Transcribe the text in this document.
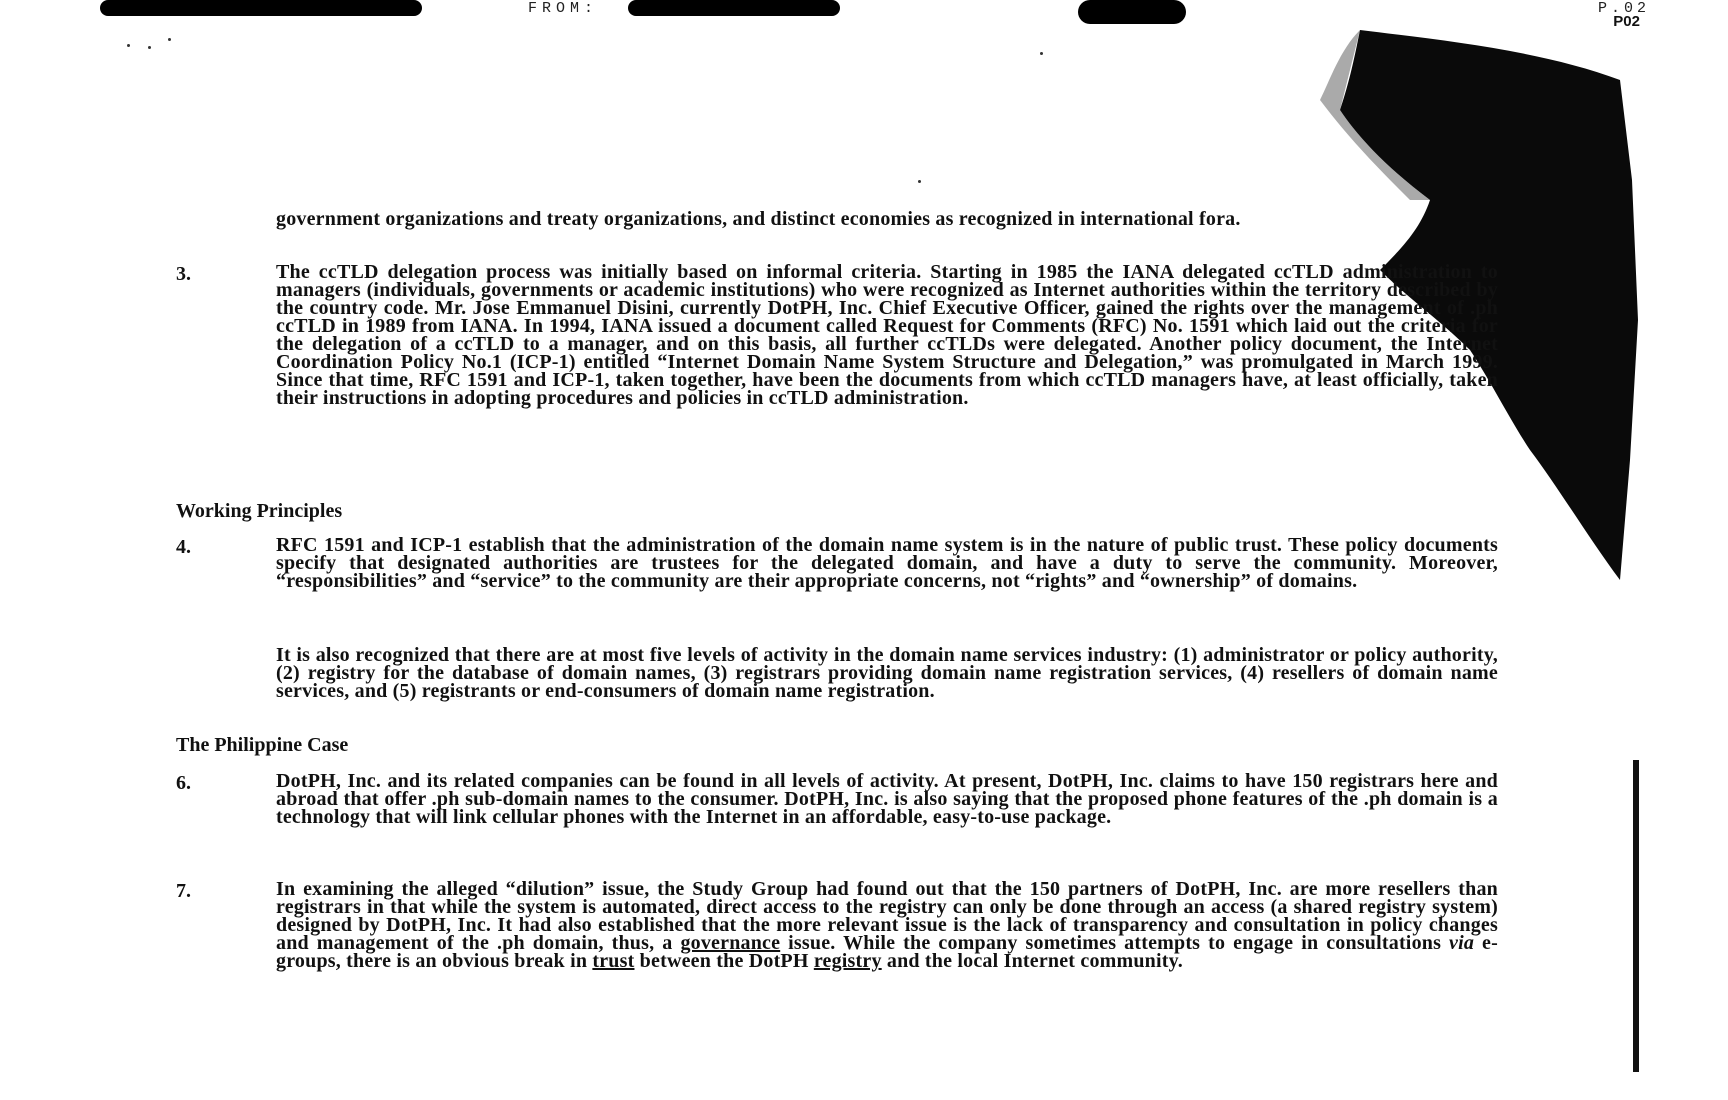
FROM:	P.02
P02
government organizations and treaty organizations, and distinct economies as recognized in international fora.
3.	The ccTLD delegation process was initially based on informal criteria. Starting in 1985 the IANA delegated ccTLD administration to managers (individuals, governments or academic institutions) who were recognized as Internet authorities within the territory described by the country code. Mr. Jose Emmanuel Disini, currently DotPH, Inc. Chief Executive Officer, gained the rights over the management of .ph ccTLD in 1989 from IANA. In 1994, IANA issued a document called Request for Comments (RFC) No. 1591 which laid out the criteria for the delegation of a ccTLD to a manager, and on this basis, all further ccTLDs were delegated. Another policy document, the Internet Coordination Policy No.1 (ICP-1) entitled “Internet Domain Name System Structure and Delegation,” was promulgated in March 1999. Since that time, RFC 1591 and ICP-1, taken together, have been the documents from which ccTLD managers have, at least officially, taken their instructions in adopting procedures and policies in ccTLD administration.
Working Principles
4.	RFC 1591 and ICP-1 establish that the administration of the domain name system is in the nature of public trust. These policy documents specify that designated authorities are trustees for the delegated domain, and have a duty to serve the community. Moreover, “responsibilities” and “service” to the community are their appropriate concerns, not “rights” and “ownership” of domains.
It is also recognized that there are at most five levels of activity in the domain name services industry: (1) administrator or policy authority, (2) registry for the database of domain names, (3) registrars providing domain name registration services, (4) resellers of domain name services, and (5) registrants or end-consumers of domain name registration.
The Philippine Case
6.	DotPH, Inc. and its related companies can be found in all levels of activity. At present, DotPH, Inc. claims to have 150 registrars here and abroad that offer .ph sub-domain names to the consumer. DotPH, Inc. is also saying that the proposed phone features of the .ph domain is a technology that will link cellular phones with the Internet in an affordable, easy-to-use package.
7.	In examining the alleged “dilution” issue, the Study Group had found out that the 150 partners of DotPH, Inc. are more resellers than registrars in that while the system is automated, direct access to the registry can only be done through an access (a shared registry system) designed by DotPH, Inc. It had also established that the more relevant issue is the lack of transparency and consultation in policy changes and management of the .ph domain, thus, a governance issue. While the company sometimes attempts to engage in consultations via e-groups, there is an obvious break in trust between the DotPH registry and the local Internet community.
